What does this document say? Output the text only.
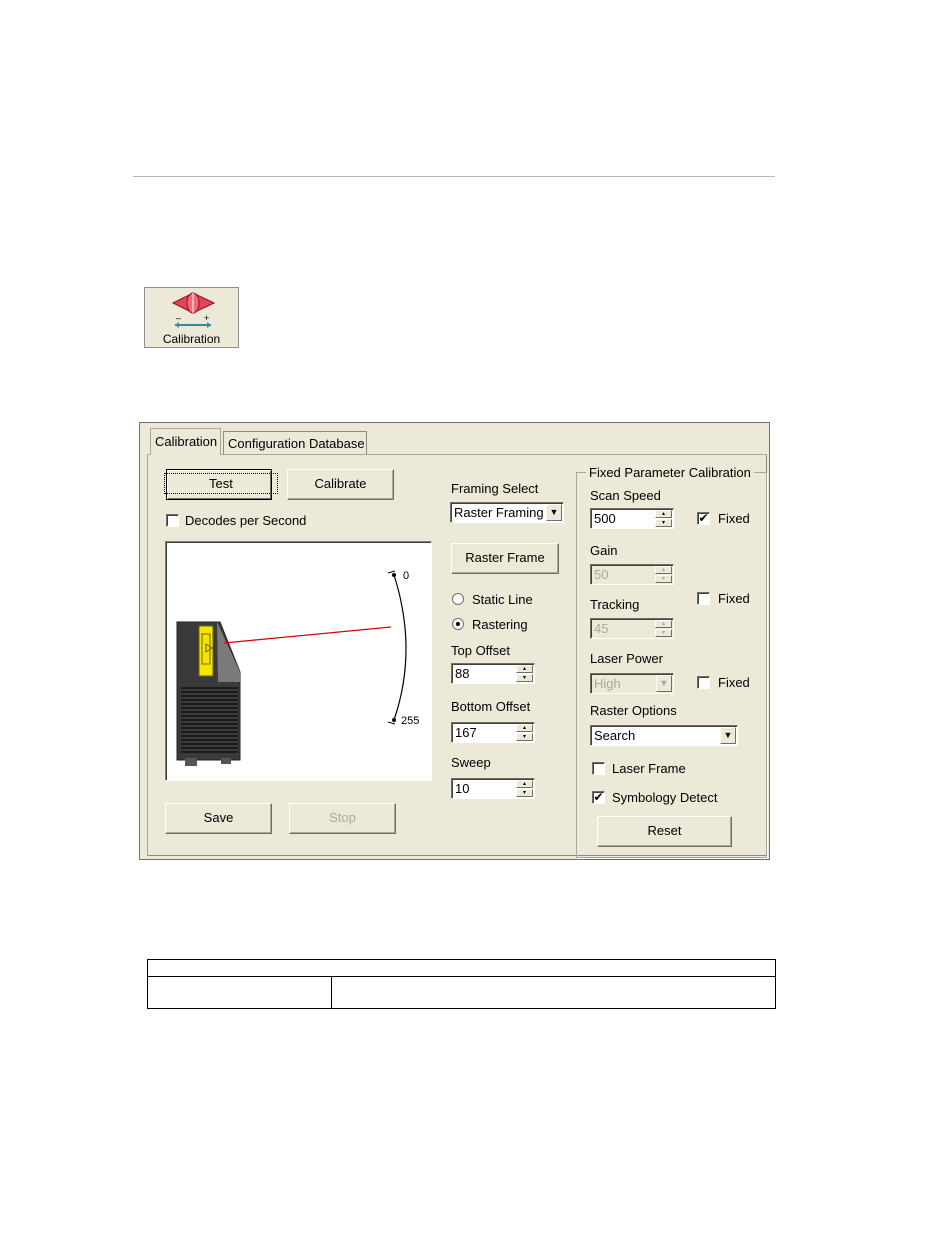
–	+
Calibration
Calibration Configuration Database
Test	Calibrate
Decodes per Second
0
255
Save	Stop
Framing Select
Raster Framing ▼
Raster Frame
Static Line
Rastering
Top Offset
88	▴
▾
Bottom Offset
167	▴
▾
Sweep
10	▴
▾
Fixed Parameter Calibration
Scan Speed
500	▴
▾	✔ Fixed
Gain
50	▴
▾
Fixed
Tracking
45	▴
▾
Laser Power
High	▼	Fixed
Raster Options
Search	▼
Laser Frame
✔ Symbology Detect
Reset
